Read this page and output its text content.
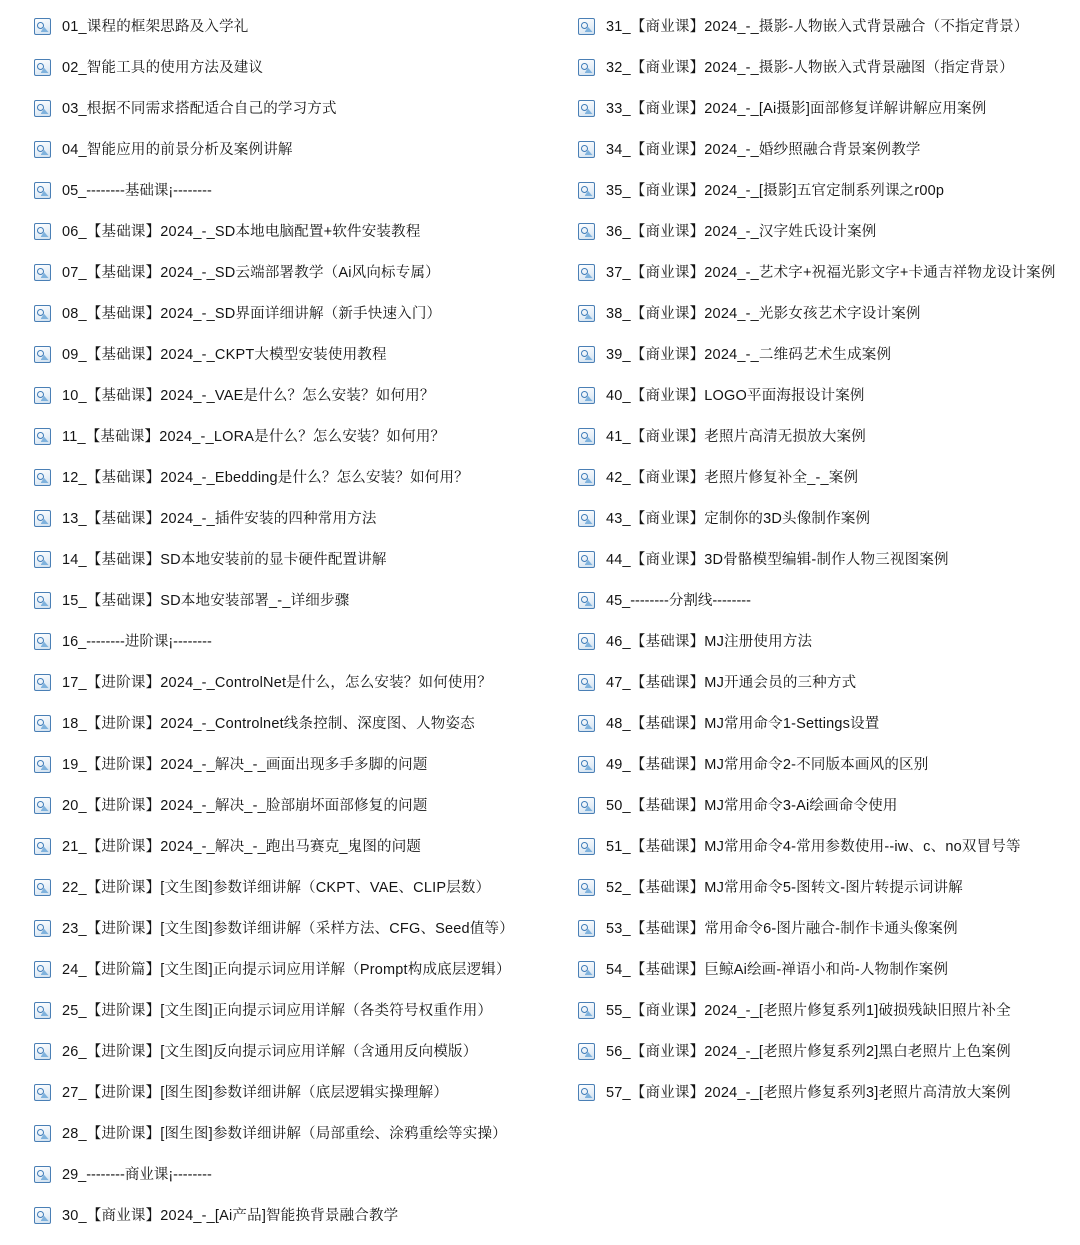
01_课程的框架思路及入学礼
02_智能工具的使用方法及建议
03_根据不同需求搭配适合自己的学习方式
04_智能应用的前景分析及案例讲解
05_--------基础课¡--------
06_【基础课】2024_-_SD本地电脑配置+软件安装教程
07_【基础课】2024_-_SD云端部署教学（Ai风向标专属）
08_【基础课】2024_-_SD界面详细讲解（新手快速入门）
09_【基础课】2024_-_CKPT大模型安装使用教程
10_【基础课】2024_-_VAE是什么？怎么安装？如何用？
11_【基础课】2024_-_LORA是什么？怎么安装？如何用？
12_【基础课】2024_-_Ebedding是什么？怎么安装？如何用？
13_【基础课】2024_-_插件安装的四种常用方法
14_【基础课】SD本地安装前的显卡硬件配置讲解
15_【基础课】SD本地安装部署_-_详细步骤
16_--------进阶课¡--------
17_【进阶课】2024_-_ControlNet是什么，怎么安装？如何使用？
18_【进阶课】2024_-_Controlnet线条控制、深度图、人物姿态
19_【进阶课】2024_-_解决_-_画面出现多手多脚的问题
20_【进阶课】2024_-_解决_-_脸部崩坏面部修复的问题
21_【进阶课】2024_-_解决_-_跑出马赛克_鬼图的问题
22_【进阶课】[文生图]参数详细讲解（CKPT、VAE、CLIP层数）
23_【进阶课】[文生图]参数详细讲解（采样方法、CFG、Seed值等）
24_【进阶篇】[文生图]正向提示词应用详解（Prompt构成底层逻辑）
25_【进阶课】[文生图]正向提示词应用详解（各类符号权重作用）
26_【进阶课】[文生图]反向提示词应用详解（含通用反向模版）
27_【进阶课】[图生图]参数详细讲解（底层逻辑实操理解）
28_【进阶课】[图生图]参数详细讲解（局部重绘、涂鸦重绘等实操）
29_--------商业课¡--------
30_【商业课】2024_-_[Ai产品]智能换背景融合教学
31_【商业课】2024_-_摄影-人物嵌入式背景融合（不指定背景）
32_【商业课】2024_-_摄影-人物嵌入式背景融图（指定背景）
33_【商业课】2024_-_[Ai摄影]面部修复详解讲解应用案例
34_【商业课】2024_-_婚纱照融合背景案例教学
35_【商业课】2024_-_[摄影]五官定制系列课之r00p
36_【商业课】2024_-_汉字姓氏设计案例
37_【商业课】2024_-_艺术字+祝福光影文字+卡通吉祥物龙设计案例
38_【商业课】2024_-_光影女孩艺术字设计案例
39_【商业课】2024_-_二维码艺术生成案例
40_【商业课】LOGO平面海报设计案例
41_【商业课】老照片高清无损放大案例
42_【商业课】老照片修复补全_-_案例
43_【商业课】定制你的3D头像制作案例
44_【商业课】3D骨骼模型编辑-制作人物三视图案例
45_--------分割线--------
46_【基础课】MJ注册使用方法
47_【基础课】MJ开通会员的三种方式
48_【基础课】MJ常用命令1-Settings设置
49_【基础课】MJ常用命令2-不同版本画风的区别
50_【基础课】MJ常用命令3-Ai绘画命令使用
51_【基础课】MJ常用命令4-常用参数使用--iw、c、no双冒号等
52_【基础课】MJ常用命令5-图转文-图片转提示词讲解
53_【基础课】常用命令6-图片融合-制作卡通头像案例
54_【基础课】巨鲸Ai绘画-禅语小和尚-人物制作案例
55_【商业课】2024_-_[老照片修复系列1]破损残缺旧照片补全
56_【商业课】2024_-_[老照片修复系列2]黑白老照片上色案例
57_【商业课】2024_-_[老照片修复系列3]老照片高清放大案例
